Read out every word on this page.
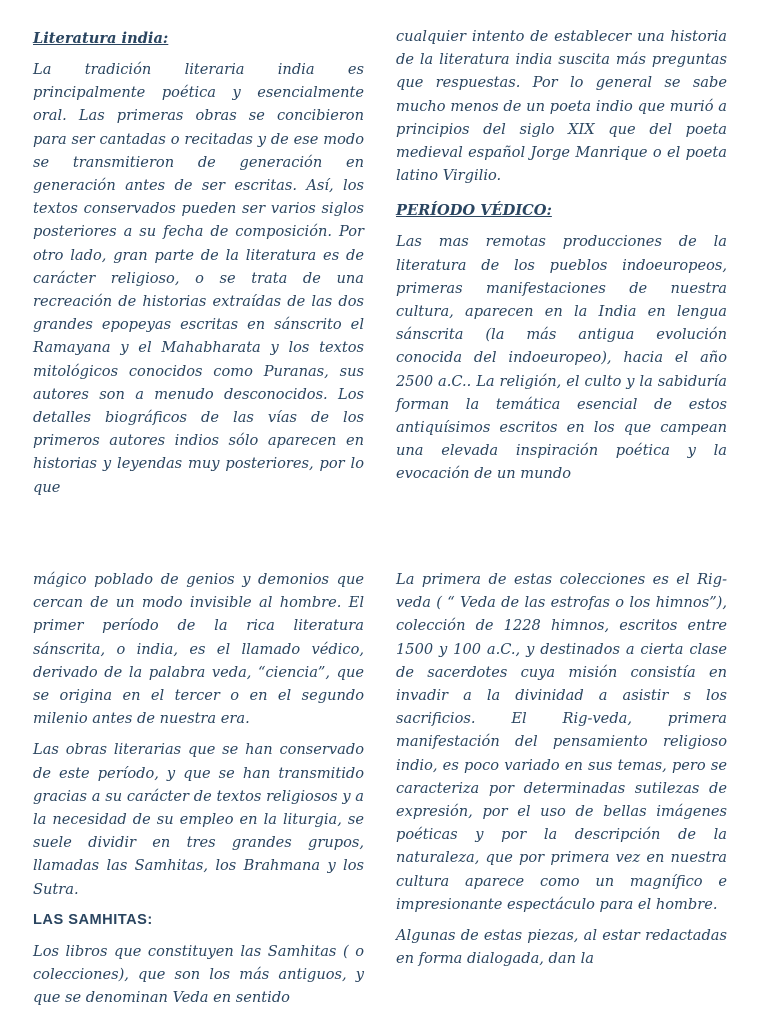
Literatura india:

La tradición literaria india es principalmente poética y esencialmente oral. Las primeras obras se concibieron para ser cantadas o recitadas y de ese modo se transmitieron de generación en generación antes de ser escritas. Así, los textos conservados pueden ser varios siglos posteriores a su fecha de composición. Por otro lado, gran parte de la literatura es de carácter religioso, o se trata de una recreación de historias extraídas de las dos grandes epopeyas escritas en sánscrito el Ramayana y el Mahabharata y los textos mitológicos conocidos como Puranas, sus autores son a menudo desconocidos. Los detalles biográficos de las vías de los primeros autores indios sólo aparecen en historias y leyendas muy posteriores, por lo que

cualquier intento de establecer una historia de la literatura india suscita más preguntas que respuestas. Por lo general se sabe mucho menos de un poeta indio que murió a principios del siglo XIX que del poeta medieval español Jorge Manrique o el poeta latino Virgilio.

PERÍODO VÉDICO:

Las mas remotas producciones de la literatura de los pueblos indoeuropeos, primeras manifestaciones de nuestra cultura, aparecen en la India en lengua sánscrita (la más antigua evolución conocida del indoeuropeo), hacia el año 2500 a.C.. La religión, el culto y la sabiduría forman la temática esencial de estos antiquísimos escritos en los que campean una elevada inspiración poética y la evocación de un mundo

mágico poblado de genios y demonios que cercan de un modo invisible al hombre. El primer período de la rica literatura sánscrita, o india, es el llamado védico, derivado de la palabra veda, “ciencia”, que se origina en el tercer o en el segundo milenio antes de nuestra era.

Las obras literarias que se han conservado de este período, y que se han transmitido gracias a su carácter de textos religiosos y a la necesidad de su empleo en la liturgia, se suele dividir en tres grandes grupos, llamadas las Samhitas, los Brahmana y los Sutra.

LAS SAMHITAS:

Los libros que constituyen las Samhitas ( o colecciones), que son los más antiguos, y que se denominan Veda en sentido

La primera de estas colecciones es el Rig-veda ( “ Veda de las estrofas o los himnos”), colección de 1228 himnos, escritos entre 1500 y 100 a.C., y destinados a cierta clase de sacerdotes cuya misión consistía en invadir a la divinidad a asistir s los sacrificios. El Rig-veda, primera manifestación del pensamiento religioso indio, es poco variado en sus temas, pero se caracteriza por determinadas sutilezas de expresión, por el uso de bellas imágenes poéticas y por la descripción de la naturaleza, que por primera vez en nuestra cultura aparece como un magnífico e impresionante espectáculo para el hombre.

Algunas de estas piezas, al estar redactadas en forma dialogada, dan la
